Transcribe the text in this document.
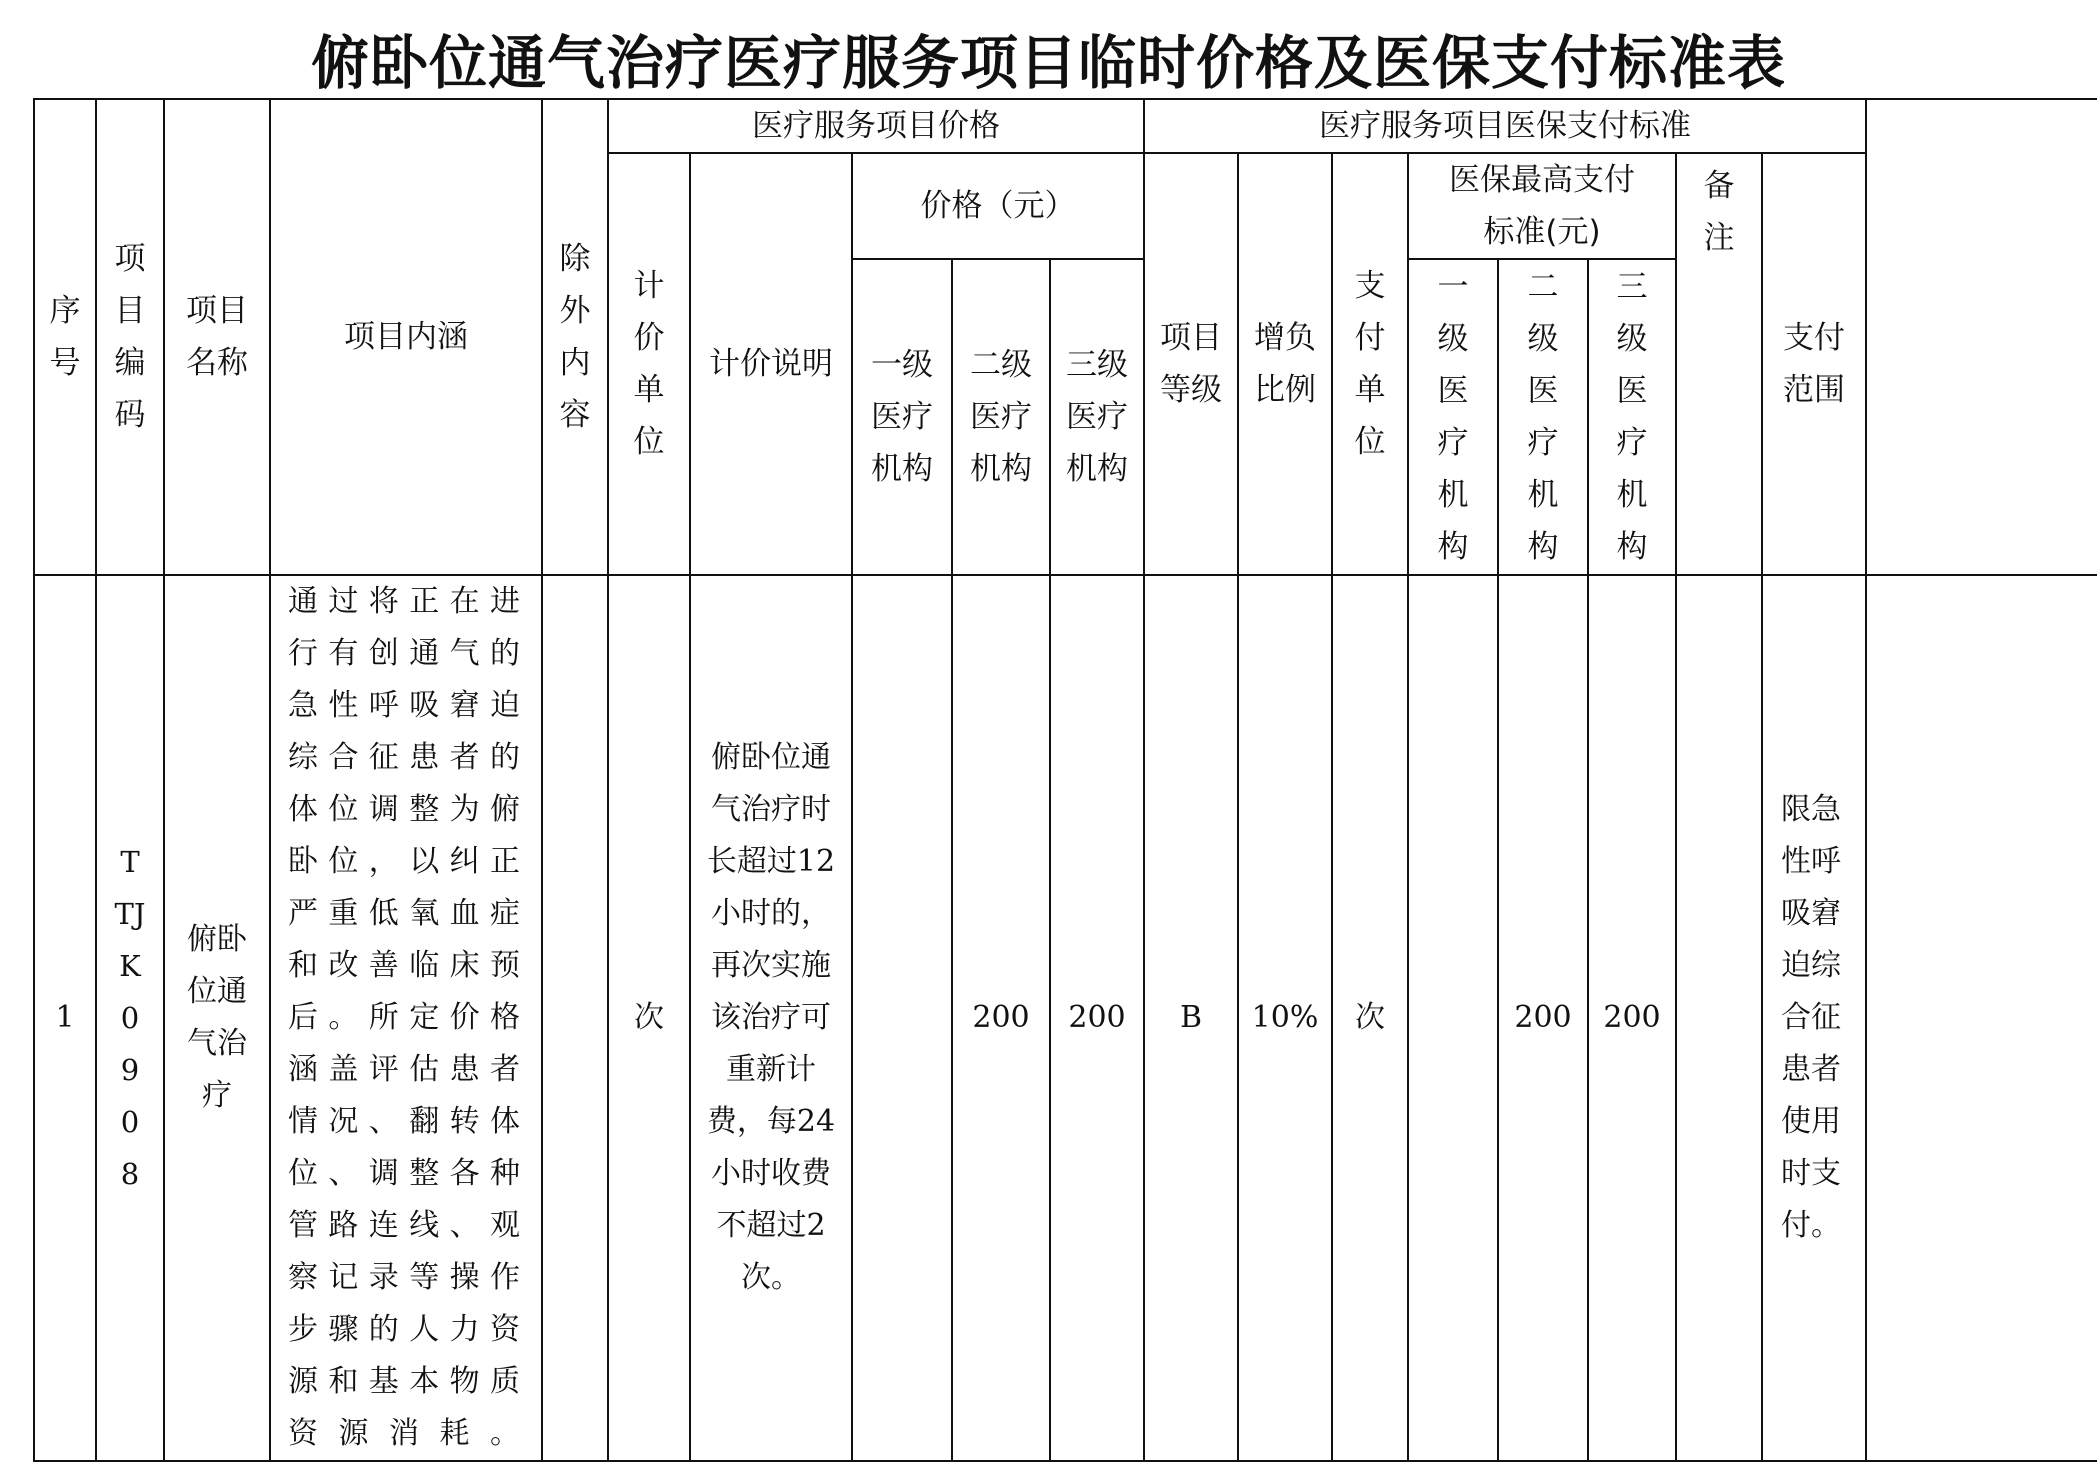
俯卧位通气治疗医疗服务项目临时价格及医保支付标准表
序号	项目编码	项目名称	项目内涵	除外内容	医疗服务项目价格					医疗服务项目医保支付标准								
					计价单位	计价说明	价格（元）			项目等级	增负比例	支付单位	医保最高支付标准(元)			备注	支付范围	
							一级医疗机构	二级医疗机构	三级医疗机构				一级医疗机构	二级医疗机构	三级医疗机构			

1	TTJK0908	俯卧位通气治疗	通过将正在进行有创通气的急性呼吸窘迫综合征患者的体位调整为俯卧位，以纠正严重低氧血症和改善临床预后。所定价格涵盖评估患者情况、翻转体位、调整各种管路连线、观察记录等操作步骤的人力资源和基本物质资源消耗。		次	俯卧位通气治疗时长超过12小时的，再次实施该治疗可重新计费，每24小时收费不超过2次。		200	200	B	10%	次		200	200		限急性呼吸窘迫综合征患者使用时支付。	
